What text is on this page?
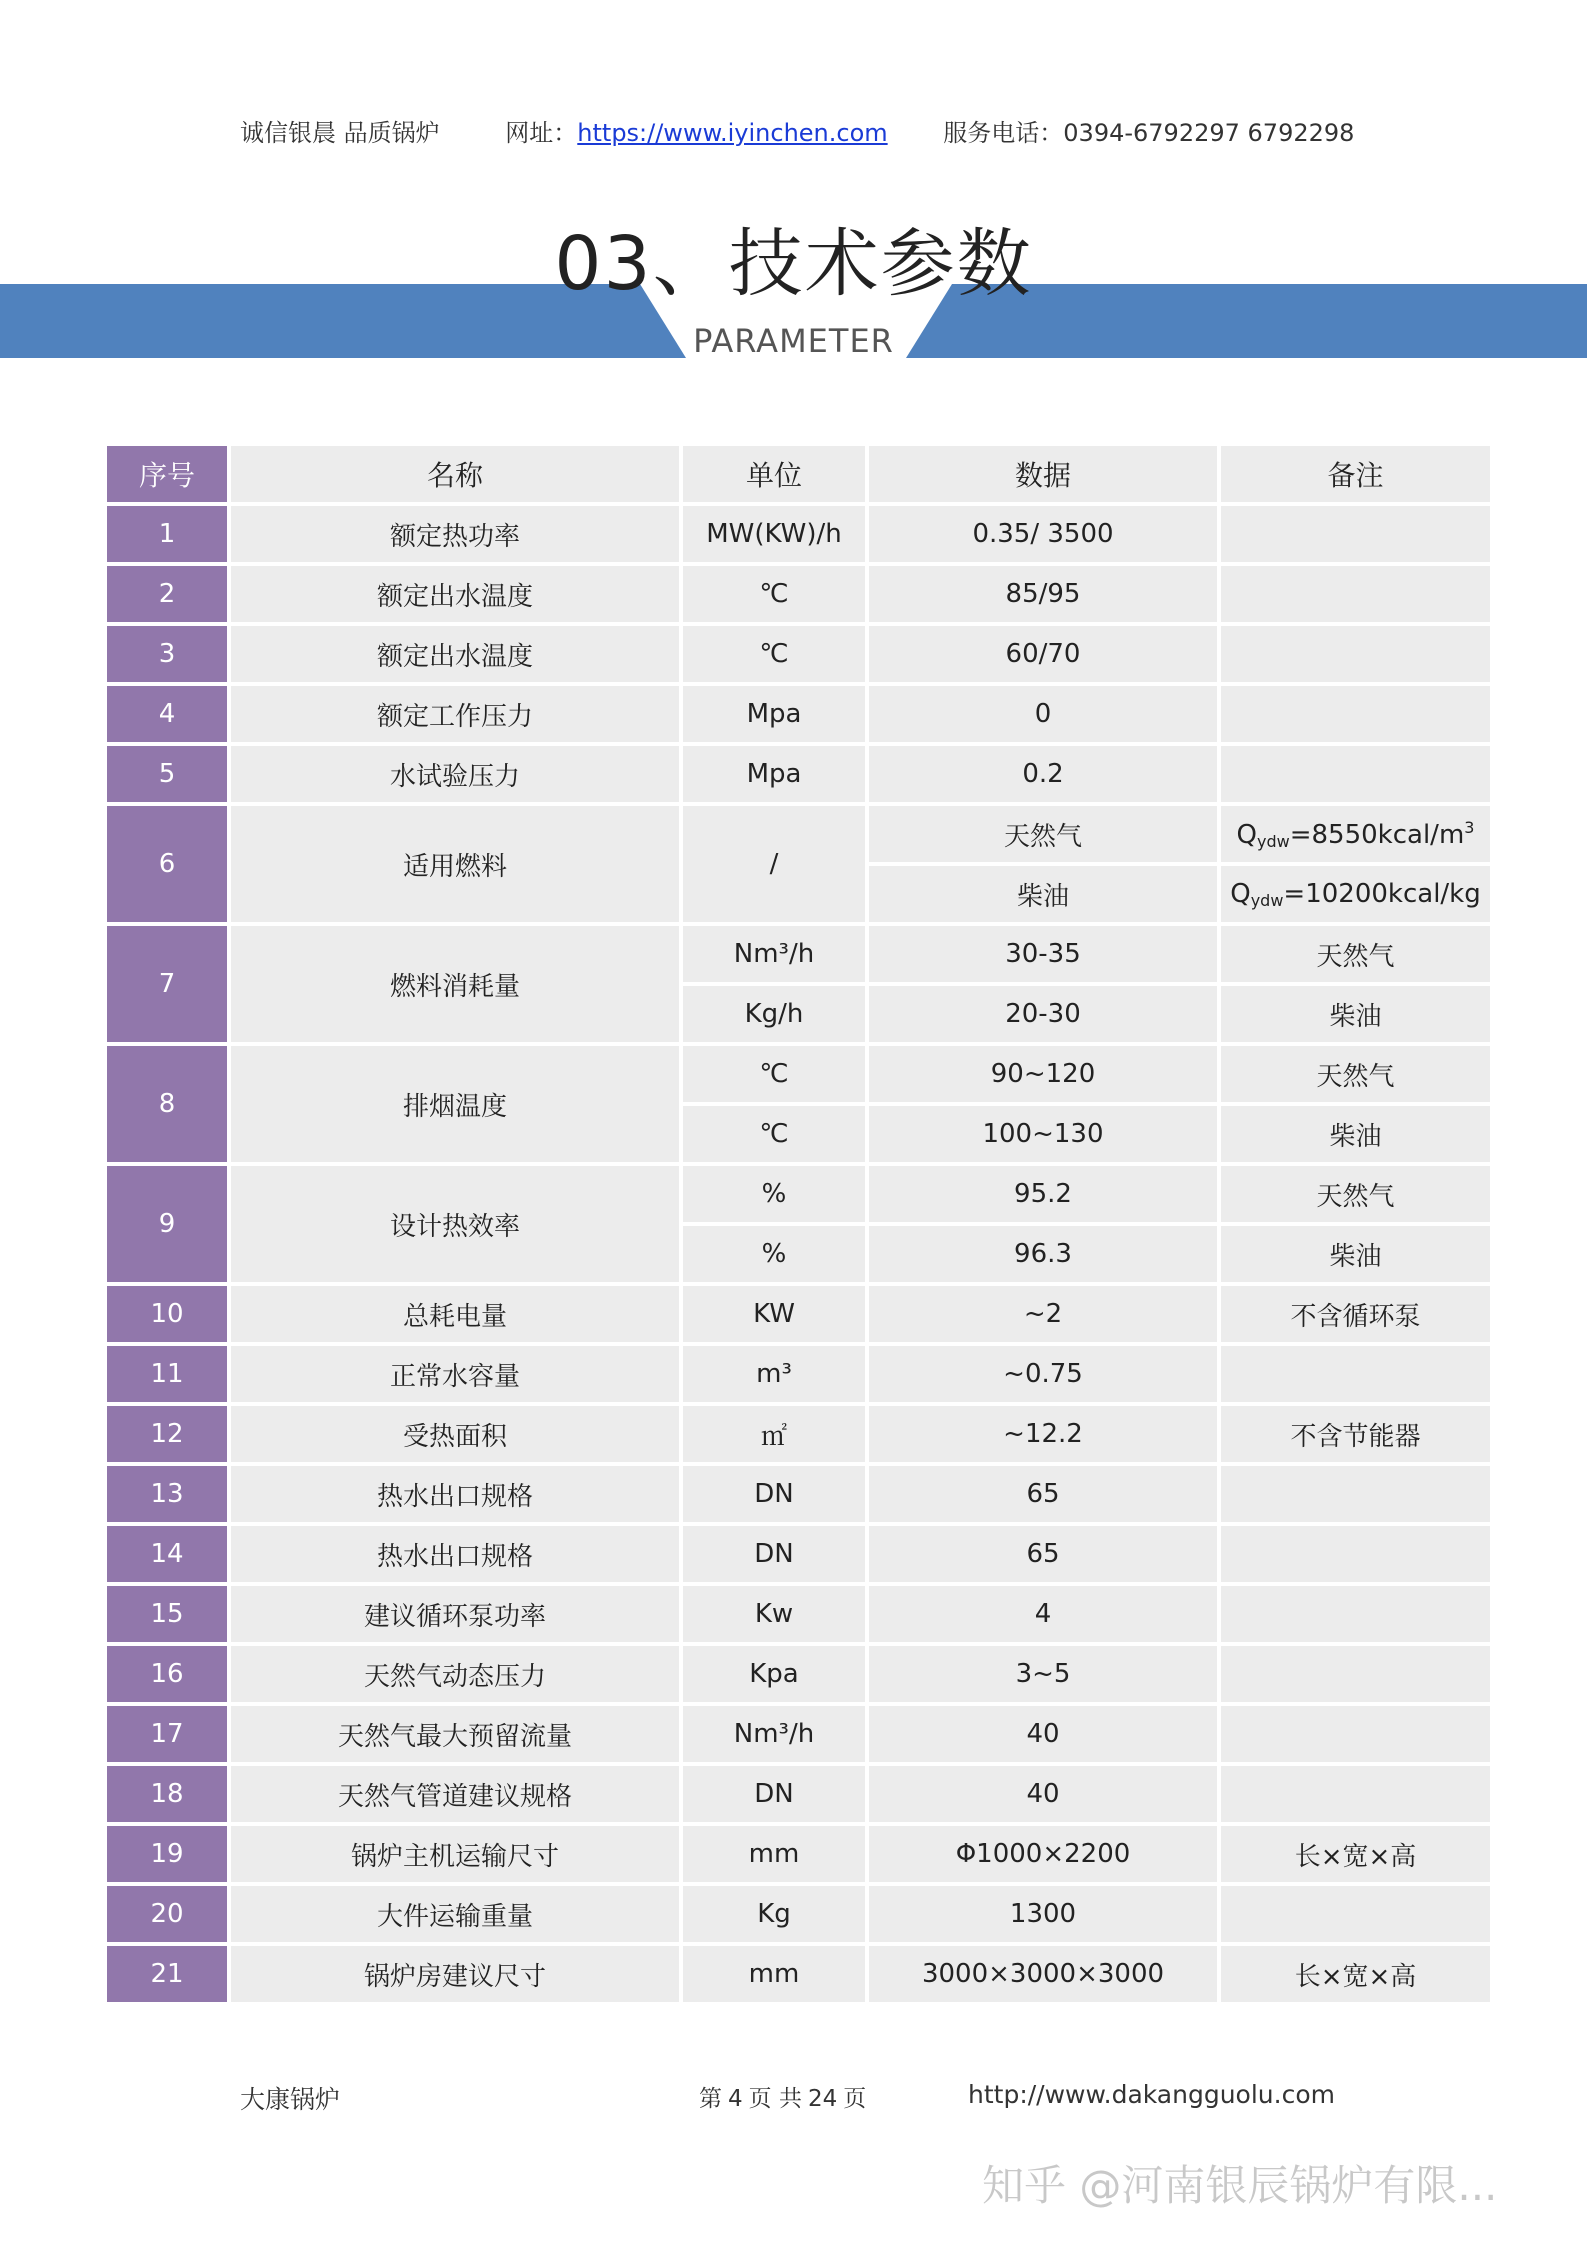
诚信银晨 品质锅炉	网址：https://www.iyinchen.com 服务电话：0394-6792297 6792298
03、技术参数
PARAMETER
序号	名称	单位	数据	备注
1	额定热功率	MW(KW)/h	0.35/ 3500	
2	额定出水温度	℃	85/95	
3	额定出水温度	℃	60/70	
4	额定工作压力	Mpa	0	
5	水试验压力	Mpa	0.2	
6	适用燃料	/	天然气	$Q_{ydw}=8550kcal/m^3$
			柴油	$Q_{ydw}=10200kcal/kg$
7	燃料消耗量	Nm³/h	30-35	天然气
		Kg/h	20-30	柴油
8	排烟温度	℃	90~120	天然气
		℃	100~130	柴油
9	设计热效率	%	95.2	天然气
		%	96.3	柴油
10	总耗电量	KW	~2	不含循环泵
11	正常水容量	m³	~0.75	
12	受热面积	㎡	~12.2	不含节能器
13	热水出口规格	DN	65	
14	热水出口规格	DN	65	
15	建议循环泵功率	Kw	4	
16	天然气动态压力	Kpa	3~5	
17	天然气最大预留流量	Nm³/h	40	
18	天然气管道建议规格	DN	40	
19	锅炉主机运输尺寸	mm	Φ1000×2200	长×宽×高
20	大件运输重量	Kg	1300	
21	锅炉房建议尺寸	mm	3000×3000×3000	长×宽×高
大康锅炉	第 4 页 共 24 页	http://www.dakangguolu.com
知乎 @河南银辰锅炉有限...
